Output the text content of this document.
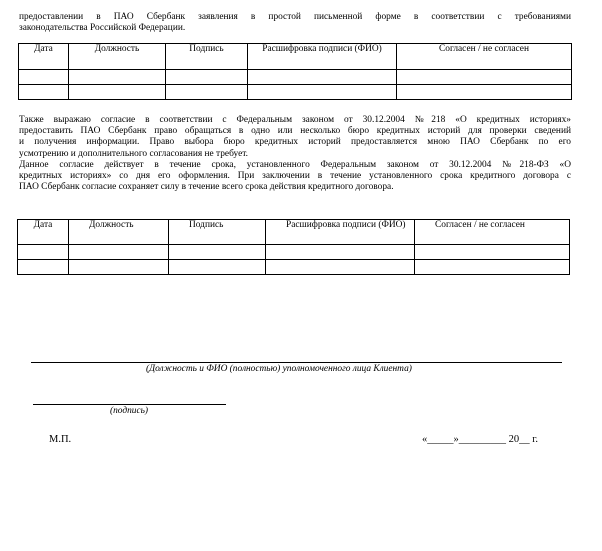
предоставлении в ПАО Сбербанк заявления в простой письменной форме в соответствии с требованиями
законодательства Российской Федерации.
Дата	Должность	Подпись	Расшифровка подписи (ФИО)	Согласен / не согласен

Также выражаю согласие в соответствии с Федеральным законом от 30.12.2004 №218 «О кредитных историях»
предоставить ПАО Сбербанк право обращаться в одно или несколько бюро кредитных историй для проверки сведений
и получения информации. Право выбора бюро кредитных историй предоставляется мною ПАО Сбербанк по его
усмотрению и дополнительного согласования не требует.
Данное согласие действует в течение срока, установленного Федеральным законом от 30.12.2004 №218-ФЗ «О
кредитных историях» со дня его оформления. При заключении в течение установленного срока кредитного договора с
ПАО Сбербанк согласие сохраняет силу в течение всего срока действия кредитного договора.
Дата	Должность	Подпись	Расшифровка подписи (ФИО)	Согласен / не согласен

(Должность и ФИО (полностью) уполномоченного лица Клиента)
(подпись)
М.П.	«_____»_________ 20__ г.
